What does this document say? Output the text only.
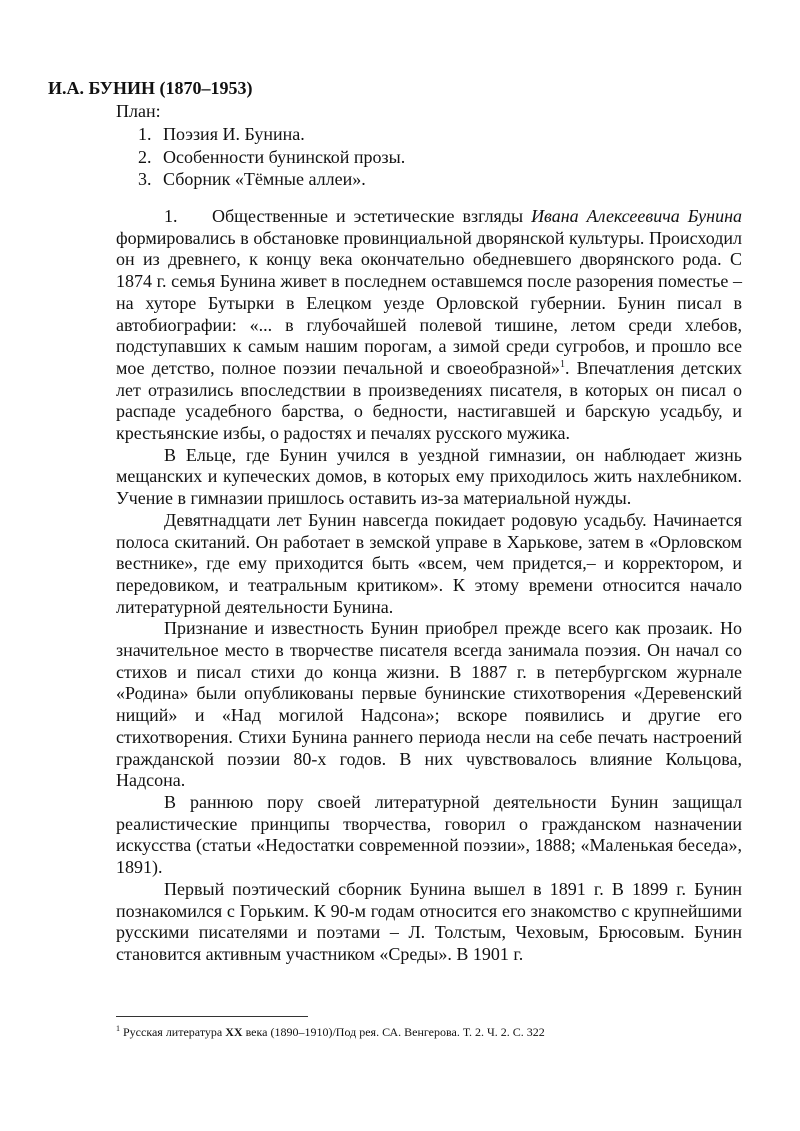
И.А. БУНИН (1870–1953)
План:
1. Поэзия И. Бунина.
2. Особенности бунинской прозы.
3. Сборник «Тёмные аллеи».

1. Общественные и эстетические взгляды Ивана Алексеевича Бунина формировались в обстановке провинциальной дворянской культуры. Происходил он из древнего, к концу века окончательно обедневшего дворянского рода. С 1874 г. семья Бунина живет в последнем оставшемся после разорения поместье – на хуторе Бутырки в Елецком уезде Орловской губернии. Бунин писал в автобиографии: «... в глубочайшей полевой тишине, летом среди хлебов, подступавших к самым нашим порогам, а зимой среди сугробов, и прошло все мое детство, полное поэзии печальной и своеобразной»$^1$. Впечатления детских лет отразились впоследствии в произведениях писателя, в которых он писал о распаде усадебного барства, о бедности, настигавшей и барскую усадьбу, и крестьянские избы, о радостях и печалях русского мужика.

В Ельце, где Бунин учился в уездной гимназии, он наблюдает жизнь мещанских и купеческих домов, в которых ему приходилось жить нахлебником. Учение в гимназии пришлось оставить из-за материальной нужды.

Девятнадцати лет Бунин навсегда покидает родовую усадьбу. Начинается полоса скитаний. Он работает в земской управе в Харькове, затем в «Орловском вестнике», где ему приходится быть «всем, чем придется,– и корректором, и передовиком, и театральным критиком». К этому времени относится начало литературной деятельности Бунина.

Признание и известность Бунин приобрел прежде всего как прозаик. Но значительное место в творчестве писателя всегда занимала поэзия. Он начал со стихов и писал стихи до конца жизни. В 1887 г. в петербургском журнале «Родина» были опубликованы первые бунинские стихотворения «Деревенский нищий» и «Над могилой Надсона»; вскоре появились и другие его стихотворения. Стихи Бунина раннего периода несли на себе печать настроений гражданской поэзии 80-х годов. В них чувствовалось влияние Кольцова, Надсона.

В раннюю пору своей литературной деятельности Бунин защищал реалистические принципы творчества, говорил о гражданском назначении искусства (статьи «Недостатки современной поэзии», 1888; «Маленькая беседа», 1891).

Первый поэтический сборник Бунина вышел в 1891 г. В 1899 г. Бунин познакомился с Горьким. К 90-м годам относится его знакомство с крупнейшими русскими писателями и поэтами – Л. Толстым, Чеховым, Брюсовым. Бунин становится активным участником «Среды». В 1901 г.

$^1$ Русская литература XX века (1890–1910)/Под рея. СА. Венгерова. Т. 2. Ч. 2. С. 322
